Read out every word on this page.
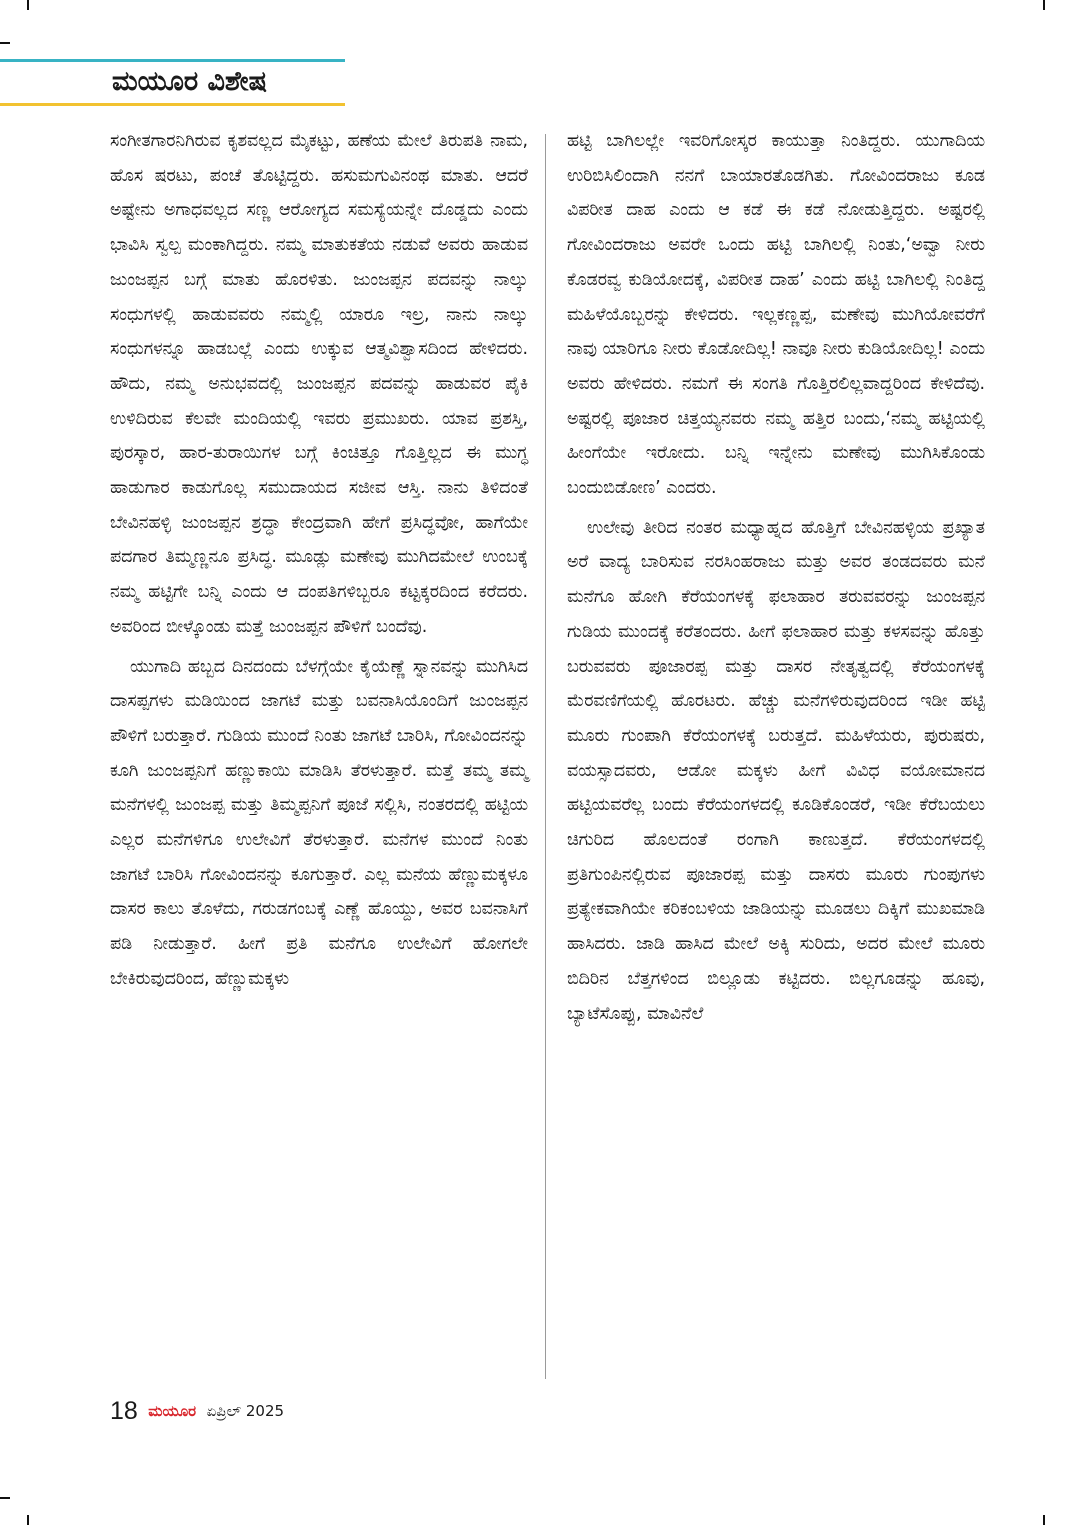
ಮಯೂರ ವಿಶೇಷ

ಸಂಗೀತಗಾರನಿಗಿರುವ ಕೃಶವಲ್ಲದ ಮೈಕಟ್ಟು, ಹಣೆಯ ಮೇಲೆ ತಿರುಪತಿ ನಾಮ, ಹೊಸ ಷರಟು, ಪಂಚೆ ತೊಟ್ಟಿದ್ದರು. ಹಸುಮಗುವಿನಂಥ ಮಾತು. ಆದರೆ ಅಷ್ಟೇನು ಅಗಾಧವಲ್ಲದ ಸಣ್ಣ ಆರೋಗ್ಯದ ಸಮಸ್ಯೆಯನ್ನೇ ದೊಡ್ಡದು ಎಂದು ಭಾವಿಸಿ ಸ್ವಲ್ಪ ಮಂಕಾಗಿದ್ದರು. ನಮ್ಮ ಮಾತುಕತೆಯ ನಡುವೆ ಅವರು ಹಾಡುವ ಜುಂಜಪ್ಪನ ಬಗ್ಗೆ ಮಾತು ಹೊರಳಿತು. ಜುಂಜಪ್ಪನ ಪದವನ್ನು ನಾಲ್ಕು ಸಂಧುಗಳಲ್ಲಿ ಹಾಡುವವರು ನಮ್ಮಲ್ಲಿ ಯಾರೂ ಇಲ್ರ, ನಾನು ನಾಲ್ಕು ಸಂಧುಗಳನ್ನೂ ಹಾಡಬಲ್ಲೆ ಎಂದು ಉಕ್ಕುವ ಆತ್ಮವಿಶ್ವಾಸದಿಂದ ಹೇಳಿದರು. ಹೌದು, ನಮ್ಮ ಅನುಭವದಲ್ಲಿ ಜುಂಜಪ್ಪನ ಪದವನ್ನು ಹಾಡುವರ ಪೈಕಿ ಉಳಿದಿರುವ ಕೆಲವೇ ಮಂದಿಯಲ್ಲಿ ಇವರು ಪ್ರಮುಖರು. ಯಾವ ಪ್ರಶಸ್ತಿ, ಪುರಸ್ಕಾರ, ಹಾರ-ತುರಾಯಿಗಳ ಬಗ್ಗೆ ಕಿಂಚಿತ್ತೂ ಗೊತ್ತಿಲ್ಲದ ಈ ಮುಗ್ಧ ಹಾಡುಗಾರ ಕಾಡುಗೊಲ್ಲ ಸಮುದಾಯದ ಸಜೀವ ಆಸ್ತಿ. ನಾನು ತಿಳಿದಂತೆ ಬೇವಿನಹಳ್ಳಿ ಜುಂಜಪ್ಪನ ಶ್ರದ್ಧಾ ಕೇಂದ್ರವಾಗಿ ಹೇಗೆ ಪ್ರಸಿದ್ಧವೋ, ಹಾಗೆಯೇ ಪದಗಾರ ತಿಮ್ಮಣ್ಣನೂ ಪ್ರಸಿದ್ಧ. ಮೂಡ್ಲು ಮಣೇವು ಮುಗಿದಮೇಲೆ ಉಂಬಕ್ಕೆ ನಮ್ಮ ಹಟ್ಟಿಗೇ ಬನ್ನಿ ಎಂದು ಆ ದಂಪತಿಗಳಿಬ್ಬರೂ ಕಟ್ಟಕ್ಕರದಿಂದ ಕರೆದರು. ಅವರಿಂದ ಬೀಳ್ಕೊಂಡು ಮತ್ತೆ ಜುಂಜಪ್ಪನ ಪೌಳಿಗೆ ಬಂದೆವು.

ಯುಗಾದಿ ಹಬ್ಬದ ದಿನದಂದು ಬೆಳಗ್ಗೆಯೇ ಕೈಯೆಣ್ಣೆ ಸ್ನಾನವನ್ನು ಮುಗಿಸಿದ ದಾಸಪ್ಪಗಳು ಮಡಿಯಿಂದ ಜಾಗಟೆ ಮತ್ತು ಬವನಾಸಿಯೊಂದಿಗೆ ಜುಂಜಪ್ಪನ ಪೌಳಿಗೆ ಬರುತ್ತಾರೆ. ಗುಡಿಯ ಮುಂದೆ ನಿಂತು ಜಾಗಟೆ ಬಾರಿಸಿ, ಗೋವಿಂದನನ್ನು ಕೂಗಿ ಜುಂಜಪ್ಪನಿಗೆ ಹಣ್ಣುಕಾಯಿ ಮಾಡಿಸಿ ತೆರಳುತ್ತಾರೆ. ಮತ್ತೆ ತಮ್ಮ ತಮ್ಮ ಮನೆಗಳಲ್ಲಿ ಜುಂಜಪ್ಪ ಮತ್ತು ತಿಮ್ಮಪ್ಪನಿಗೆ ಪೂಜೆ ಸಲ್ಲಿಸಿ, ನಂತರದಲ್ಲಿ ಹಟ್ಟಿಯ ಎಲ್ಲರ ಮನೆಗಳಿಗೂ ಉಲೇವಿಗೆ ತೆರಳುತ್ತಾರೆ. ಮನೆಗಳ ಮುಂದೆ ನಿಂತು ಜಾಗಟೆ ಬಾರಿಸಿ ಗೋವಿಂದನನ್ನು ಕೂಗುತ್ತಾರೆ. ಎಲ್ಲ ಮನೆಯ ಹೆಣ್ಣುಮಕ್ಕಳೂ ದಾಸರ ಕಾಲು ತೊಳೆದು, ಗರುಡಗಂಬಕ್ಕೆ ಎಣ್ಣೆ ಹೊಯ್ದು, ಅವರ ಬವನಾಸಿಗೆ ಪಡಿ ನೀಡುತ್ತಾರೆ. ಹೀಗೆ ಪ್ರತಿ ಮನೆಗೂ ಉಲೇವಿಗೆ ಹೋಗಲೇ ಬೇಕಿರುವುದರಿಂದ, ಹೆಣ್ಣುಮಕ್ಕಳು

ಹಟ್ಟಿ ಬಾಗಿಲಲ್ಲೇ ಇವರಿಗೋಸ್ಕರ ಕಾಯುತ್ತಾ ನಿಂತಿದ್ದರು. ಯುಗಾದಿಯ ಉರಿಬಿಸಿಲಿಂದಾಗಿ ನನಗೆ ಬಾಯಾರತೊಡಗಿತು. ಗೋವಿಂದರಾಜು ಕೂಡ ವಿಪರೀತ ದಾಹ ಎಂದು ಆ ಕಡೆ ಈ ಕಡೆ ನೋಡುತ್ತಿದ್ದರು. ಅಷ್ಟರಲ್ಲಿ ಗೋವಿಂದರಾಜು ಅವರೇ ಒಂದು ಹಟ್ಟಿ ಬಾಗಿಲಲ್ಲಿ ನಿಂತು,‘ಅವ್ವಾ ನೀರು ಕೊಡರವ್ವ ಕುಡಿಯೋದಕ್ಕೆ, ವಿಪರೀತ ದಾಹ’ ಎಂದು ಹಟ್ಟಿ ಬಾಗಿಲಲ್ಲಿ ನಿಂತಿದ್ದ ಮಹಿಳೆಯೊಬ್ಬರನ್ನು ಕೇಳಿದರು. ಇಲ್ಲಕಣ್ಣಪ್ಪ, ಮಣೇವು ಮುಗಿಯೋವರೆಗೆ ನಾವು ಯಾರಿಗೂ ನೀರು ಕೊಡೋದಿಲ್ಲ! ನಾವೂ ನೀರು ಕುಡಿಯೋದಿಲ್ಲ! ಎಂದು ಅವರು ಹೇಳಿದರು. ನಮಗೆ ಈ ಸಂಗತಿ ಗೊತ್ತಿರಲಿಲ್ಲವಾದ್ದರಿಂದ ಕೇಳಿದೆವು. ಅಷ್ಟರಲ್ಲಿ ಪೂಜಾರ ಚಿತ್ತಯ್ಯನವರು ನಮ್ಮ ಹತ್ತಿರ ಬಂದು,‘ನಮ್ಮ ಹಟ್ಟಿಯಲ್ಲಿ ಹೀಂಗೆಯೇ ಇರೋದು. ಬನ್ನಿ ಇನ್ನೇನು ಮಣೇವು ಮುಗಿಸಿಕೊಂಡು ಬಂದುಬಿಡೋಣ’ ಎಂದರು.

ಉಲೇವು ತೀರಿದ ನಂತರ ಮಧ್ಯಾಹ್ನದ ಹೊತ್ತಿಗೆ ಬೇವಿನಹಳ್ಳಿಯ ಪ್ರಖ್ಯಾತ ಅರೆ ವಾದ್ಯ ಬಾರಿಸುವ ನರಸಿಂಹರಾಜು ಮತ್ತು ಅವರ ತಂಡದವರು ಮನೆ ಮನೆಗೂ ಹೋಗಿ ಕೆರೆಯಂಗಳಕ್ಕೆ ಫಲಾಹಾರ ತರುವವರನ್ನು ಜುಂಜಪ್ಪನ ಗುಡಿಯ ಮುಂದಕ್ಕೆ ಕರೆತಂದರು. ಹೀಗೆ ಫಲಾಹಾರ ಮತ್ತು ಕಳಸವನ್ನು ಹೊತ್ತು ಬರುವವರು ಪೂಜಾರಪ್ಪ ಮತ್ತು ದಾಸರ ನೇತೃತ್ವದಲ್ಲಿ ಕೆರೆಯಂಗಳಕ್ಕೆ ಮೆರವಣಿಗೆಯಲ್ಲಿ ಹೊರಟರು. ಹೆಚ್ಚು ಮನೆಗಳಿರುವುದರಿಂದ ಇಡೀ ಹಟ್ಟಿ ಮೂರು ಗುಂಪಾಗಿ ಕೆರೆಯಂಗಳಕ್ಕೆ ಬರುತ್ತದೆ. ಮಹಿಳೆಯರು, ಪುರುಷರು, ವಯಸ್ಸಾದವರು, ಆಡೋ ಮಕ್ಕಳು ಹೀಗೆ ವಿವಿಧ ವಯೋಮಾನದ ಹಟ್ಟಿಯವರೆಲ್ಲ ಬಂದು ಕೆರೆಯಂಗಳದಲ್ಲಿ ಕೂಡಿಕೊಂಡರೆ, ಇಡೀ ಕೆರೆಬಯಲು ಚಿಗುರಿದ ಹೊಲದಂತೆ ರಂಗಾಗಿ ಕಾಣುತ್ತದೆ. ಕೆರೆಯಂಗಳದಲ್ಲಿ ಪ್ರತಿಗುಂಪಿನಲ್ಲಿರುವ ಪೂಜಾರಪ್ಪ ಮತ್ತು ದಾಸರು ಮೂರು ಗುಂಪುಗಳು ಪ್ರತ್ಯೇಕವಾಗಿಯೇ ಕರಿಕಂಬಳಿಯ ಜಾಡಿಯನ್ನು ಮೂಡಲು ದಿಕ್ಕಿಗೆ ಮುಖಮಾಡಿ ಹಾಸಿದರು. ಜಾಡಿ ಹಾಸಿದ ಮೇಲೆ ಅಕ್ಕಿ ಸುರಿದು, ಅದರ ಮೇಲೆ ಮೂರು ಬಿದಿರಿನ ಬೆತ್ತಗಳಿಂದ ಬಿಲ್ಲೂಡು ಕಟ್ಟಿದರು. ಬಿಲ್ಲಗೂಡನ್ನು ಹೂವು, ಬ್ಯಾಟೆಸೊಪ್ಪು, ಮಾವಿನೆಲೆ

18 ಮಯೂರ ಏಪ್ರಿಲ್ 2025
